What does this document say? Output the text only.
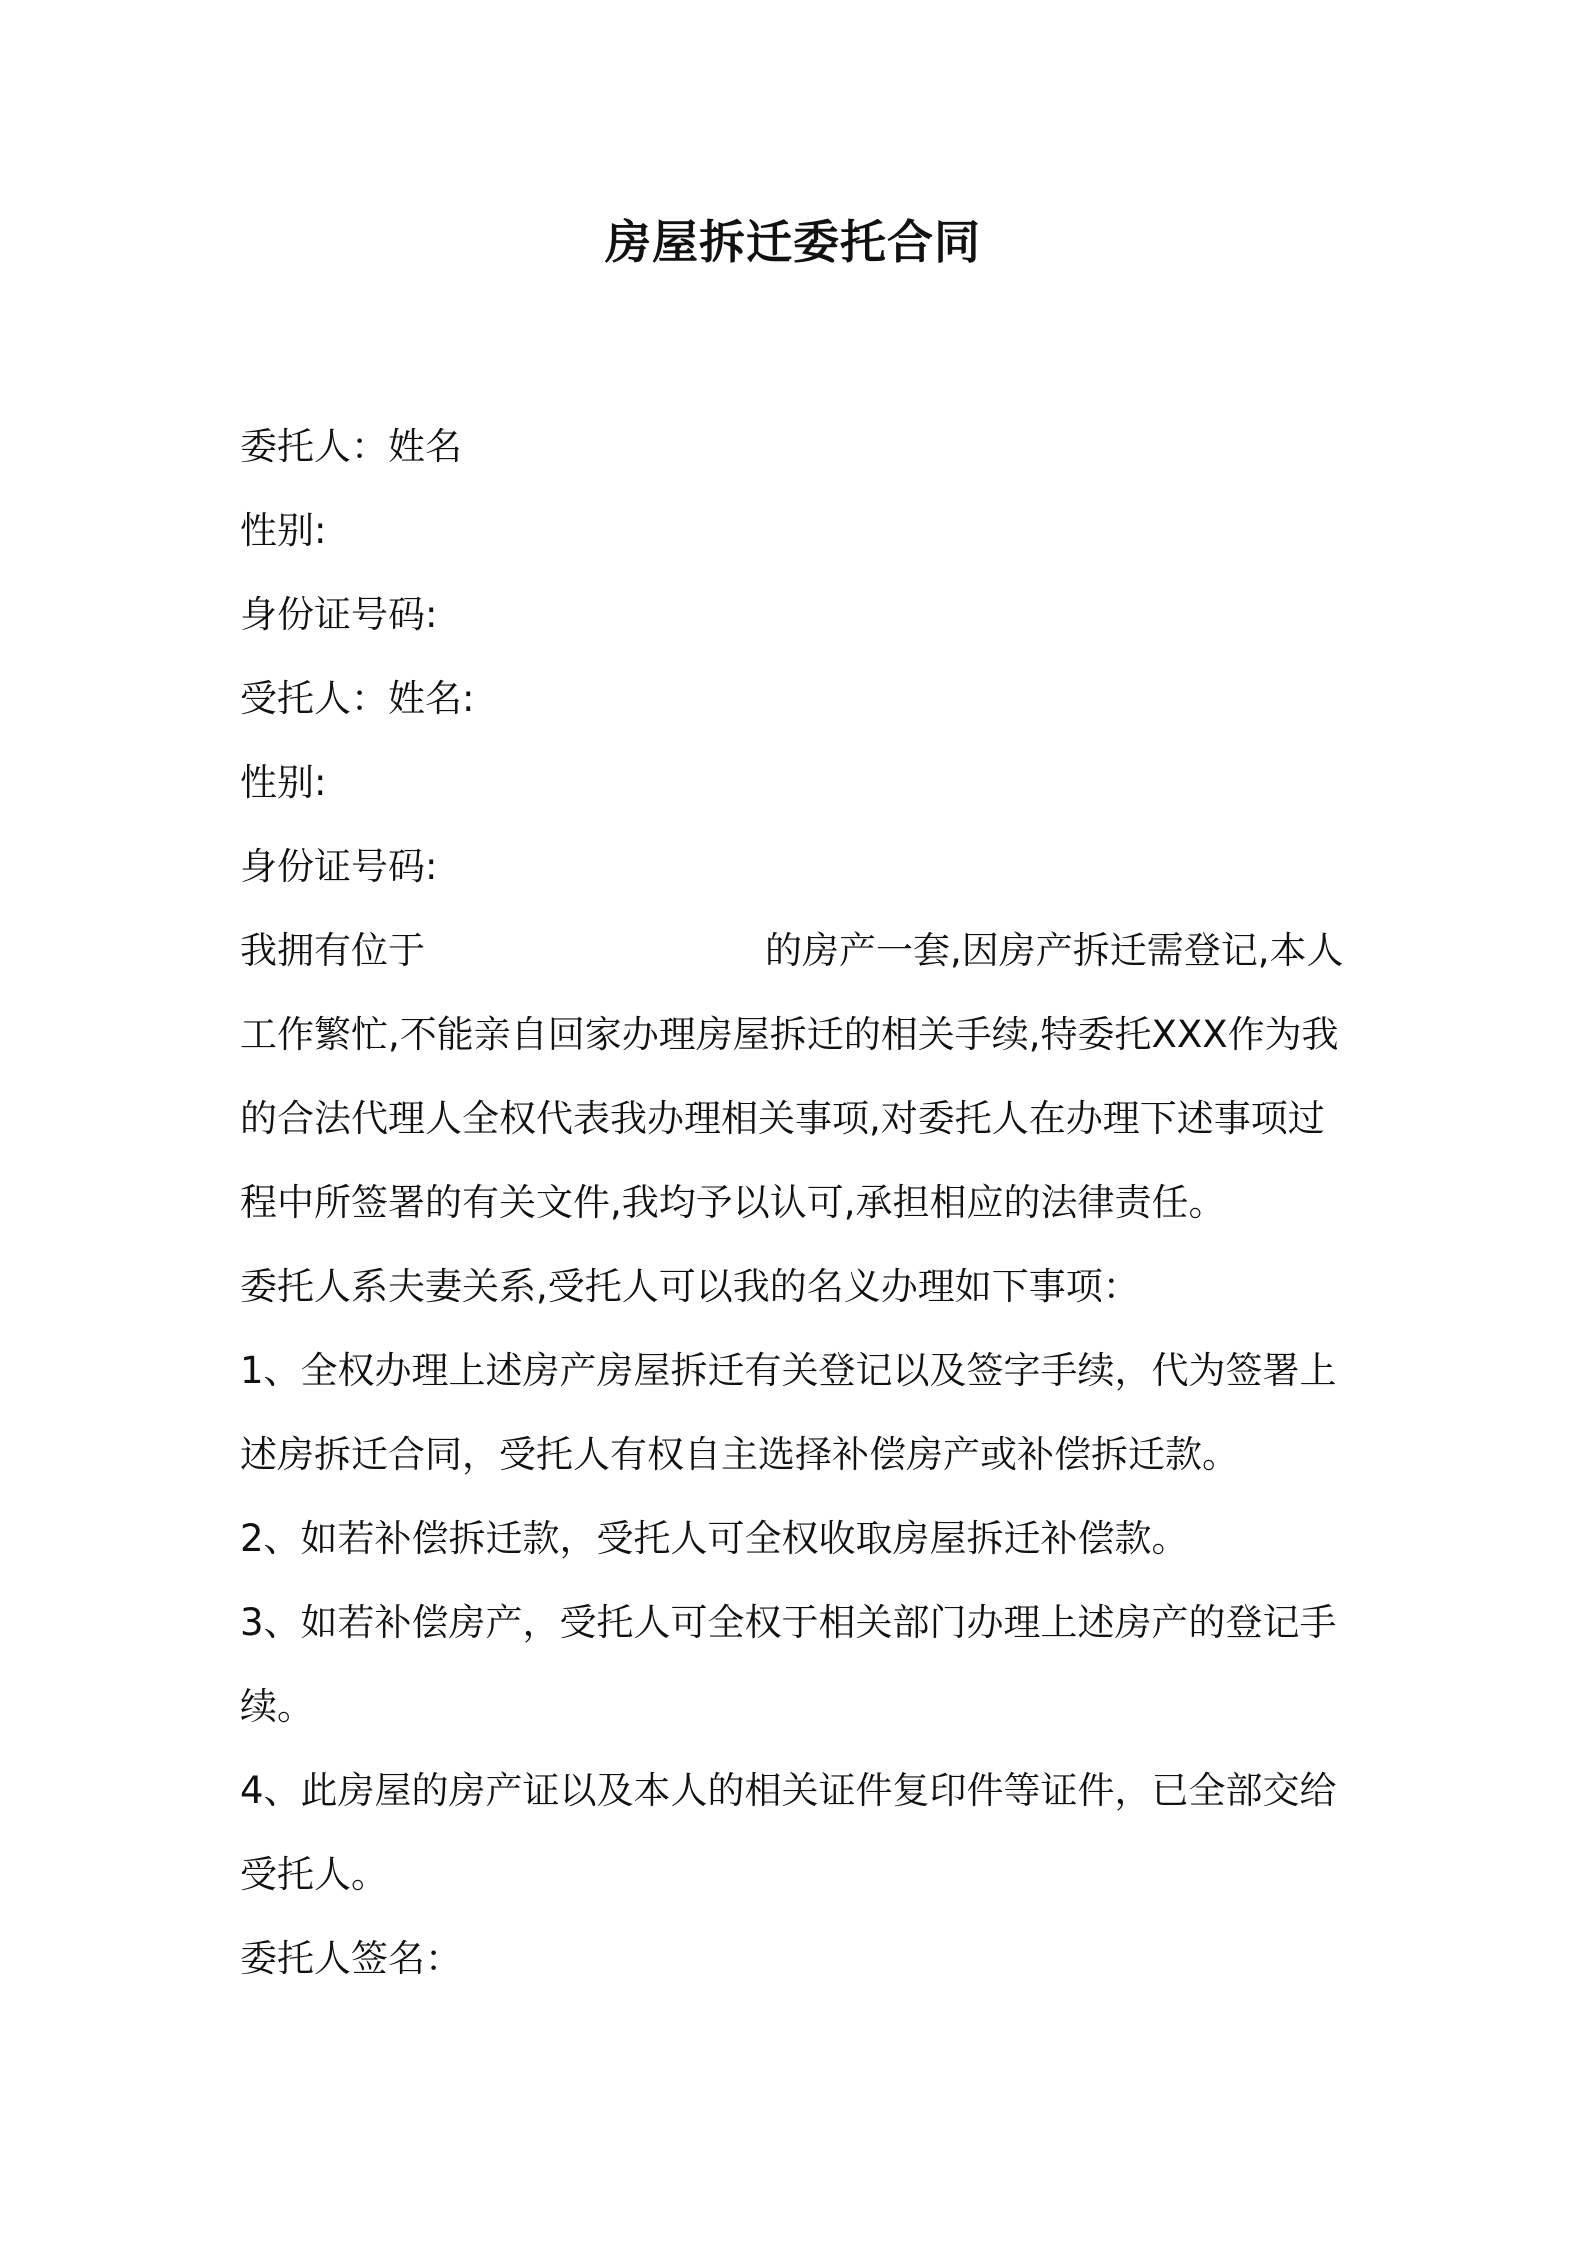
房屋拆迁委托合同

委托人：姓名

性别:

身份证号码:

受托人：姓名:

性别:

身份证号码:

我拥有位于	的房产一套,因房产拆迁需登记,本人

工作繁忙,不能亲自回家办理房屋拆迁的相关手续,特委托XXX作为我

的合法代理人全权代表我办理相关事项,对委托人在办理下述事项过

程中所签署的有关文件,我均予以认可,承担相应的法律责任。

委托人系夫妻关系,受托人可以我的名义办理如下事项：

1、全权办理上述房产房屋拆迁有关登记以及签字手续，代为签署上

述房拆迁合同，受托人有权自主选择补偿房产或补偿拆迁款。

2、如若补偿拆迁款，受托人可全权收取房屋拆迁补偿款。

3、如若补偿房产，受托人可全权于相关部门办理上述房产的登记手

续。

4、此房屋的房产证以及本人的相关证件复印件等证件，已全部交给

受托人。

委托人签名：
